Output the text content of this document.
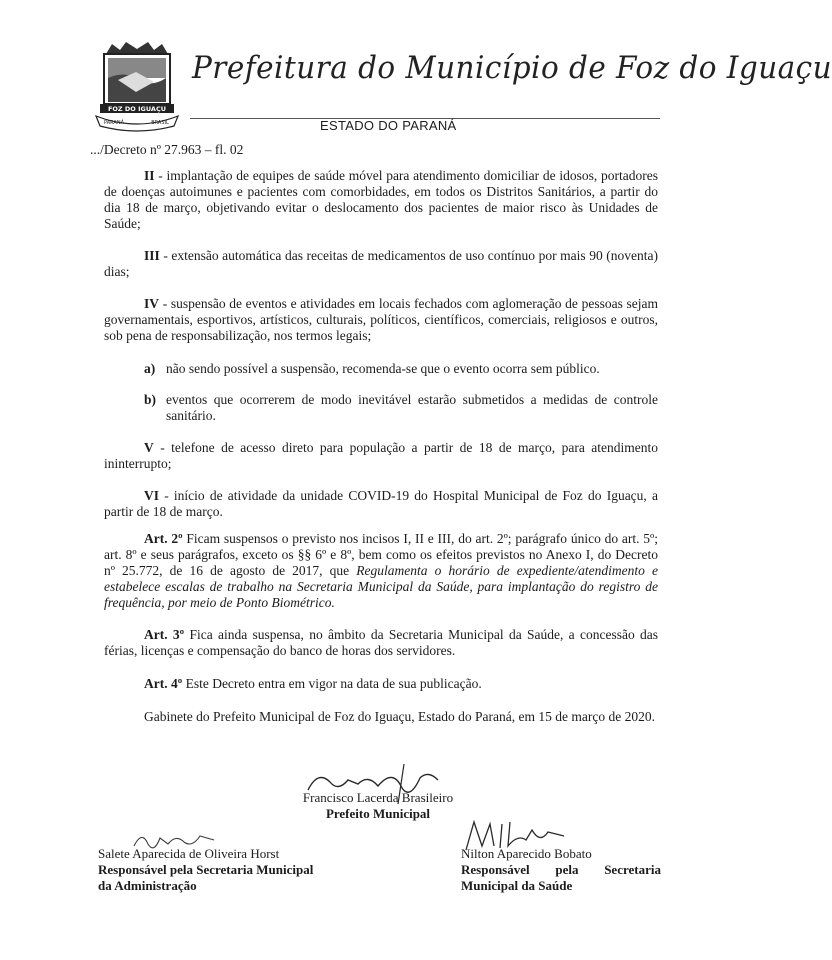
FOZ DO IGUAÇU
PARANÁ	BRASIL
Prefeitura do Município de Foz do Iguaçu
ESTADO DO PARANÁ
.../Decreto nº 27.963 – fl. 02
II - implantação de equipes de saúde móvel para atendimento domiciliar de idosos, portadores de doenças autoimunes e pacientes com comorbidades, em todos os Distritos Sanitários, a partir do dia 18 de março, objetivando evitar o deslocamento dos pacientes de maior risco às Unidades de Saúde;
III - extensão automática das receitas de medicamentos de uso contínuo por mais 90 (noventa) dias;
IV - suspensão de eventos e atividades em locais fechados com aglomeração de pessoas sejam governamentais, esportivos, artísticos, culturais, políticos, científicos, comerciais, religiosos e outros, sob pena de responsabilização, nos termos legais;
a) não sendo possível a suspensão, recomenda-se que o evento ocorra sem público.
b) eventos que ocorrerem de modo inevitável estarão submetidos a medidas de controle sanitário.
V - telefone de acesso direto para população a partir de 18 de março, para atendimento ininterrupto;
VI - início de atividade da unidade COVID-19 do Hospital Municipal de Foz do Iguaçu, a partir de 18 de março.
Art. 2º Ficam suspensos o previsto nos incisos I, II e III, do art. 2º; parágrafo único do art. 5º; art. 8º e seus parágrafos, exceto os §§ 6º e 8º, bem como os efeitos previstos no Anexo I, do Decreto nº 25.772, de 16 de agosto de 2017, que Regulamenta o horário de expediente/atendimento e estabelece escalas de trabalho na Secretaria Municipal da Saúde, para implantação do registro de frequência, por meio de Ponto Biométrico.
Art. 3º Fica ainda suspensa, no âmbito da Secretaria Municipal da Saúde, a concessão das férias, licenças e compensação do banco de horas dos servidores.
Art. 4º Este Decreto entra em vigor na data de sua publicação.
Gabinete do Prefeito Municipal de Foz do Iguaçu, Estado do Paraná, em 15 de março de 2020.
Francisco Lacerda Brasileiro
Prefeito Municipal
Salete Aparecida de Oliveira Horst
Responsável pela Secretaria Municipal
da Administração
Nilton Aparecido Bobato
Responsável pela Secretaria
Municipal da Saúde
